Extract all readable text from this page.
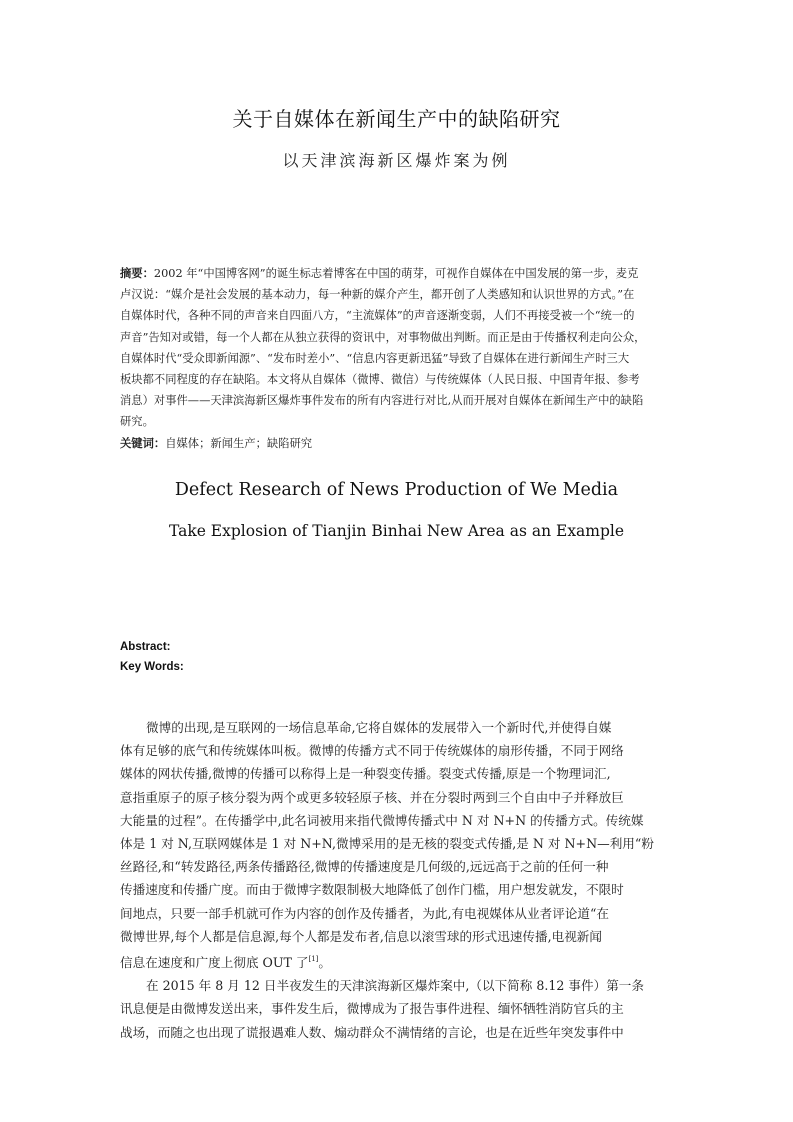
关于自媒体在新闻生产中的缺陷研究
以天津滨海新区爆炸案为例
摘要：2002 年“中国博客网”的诞生标志着博客在中国的萌芽，可视作自媒体在中国发展的第一步，麦克
卢汉说：“媒介是社会发展的基本动力，每一种新的媒介产生，都开创了人类感知和认识世界的方式。”在
自媒体时代，各种不同的声音来自四面八方，“主流媒体”的声音逐渐变弱，人们不再接受被一个“统一的
声音”告知对或错，每一个人都在从独立获得的资讯中，对事物做出判断。而正是由于传播权利走向公众，
自媒体时代“受众即新闻源”、“发布时差小”、“信息内容更新迅猛”导致了自媒体在进行新闻生产时三大
板块都不同程度的存在缺陷。本文将从自媒体（微博、微信）与传统媒体（人民日报、中国青年报、参考
消息）对事件——天津滨海新区爆炸事件发布的所有内容进行对比,从而开展对自媒体在新闻生产中的缺陷
研究。
关键词：自媒体；新闻生产；缺陷研究
Defect Research of News Production of We Media
Take Explosion of Tianjin Binhai New Area as an Example
Abstract:
Key Words:
微博的出现,是互联网的一场信息革命,它将自媒体的发展带入一个新时代,并使得自媒
体有足够的底气和传统媒体叫板。微博的传播方式不同于传统媒体的扇形传播，不同于网络
媒体的网状传播,微博的传播可以称得上是一种裂变传播。裂变式传播,原是一个物理词汇,
意指重原子的原子核分裂为两个或更多较轻原子核、并在分裂时两到三个自由中子并释放巨
大能量的过程”。在传播学中,此名词被用来指代微博传播式中 N 对 N+N 的传播方式。传统媒
体是 1 对 N,互联网媒体是 1 对 N+N,微博采用的是无核的裂变式传播,是 N 对 N+N—利用“粉
丝路径,和“转发路径,两条传播路径,微博的传播速度是几何级的,远远高于之前的任何一种
传播速度和传播广度。而由于微博字数限制极大地降低了创作门槛，用户想发就发，不限时
间地点，只要一部手机就可作为内容的创作及传播者，为此,有电视媒体从业者评论道“在
微博世界,每个人都是信息源,每个人都是发布者,信息以滚雪球的形式迅速传播,电视新闻
信息在速度和广度上彻底 OUT 了[1]。
在 2015 年 8 月 12 日半夜发生的天津滨海新区爆炸案中,（以下简称 8.12 事件）第一条
讯息便是由微博发送出来，事件发生后，微博成为了报告事件进程、缅怀牺牲消防官兵的主
战场，而随之也出现了谎报遇难人数、煽动群众不满情绪的言论，也是在近些年突发事件中
